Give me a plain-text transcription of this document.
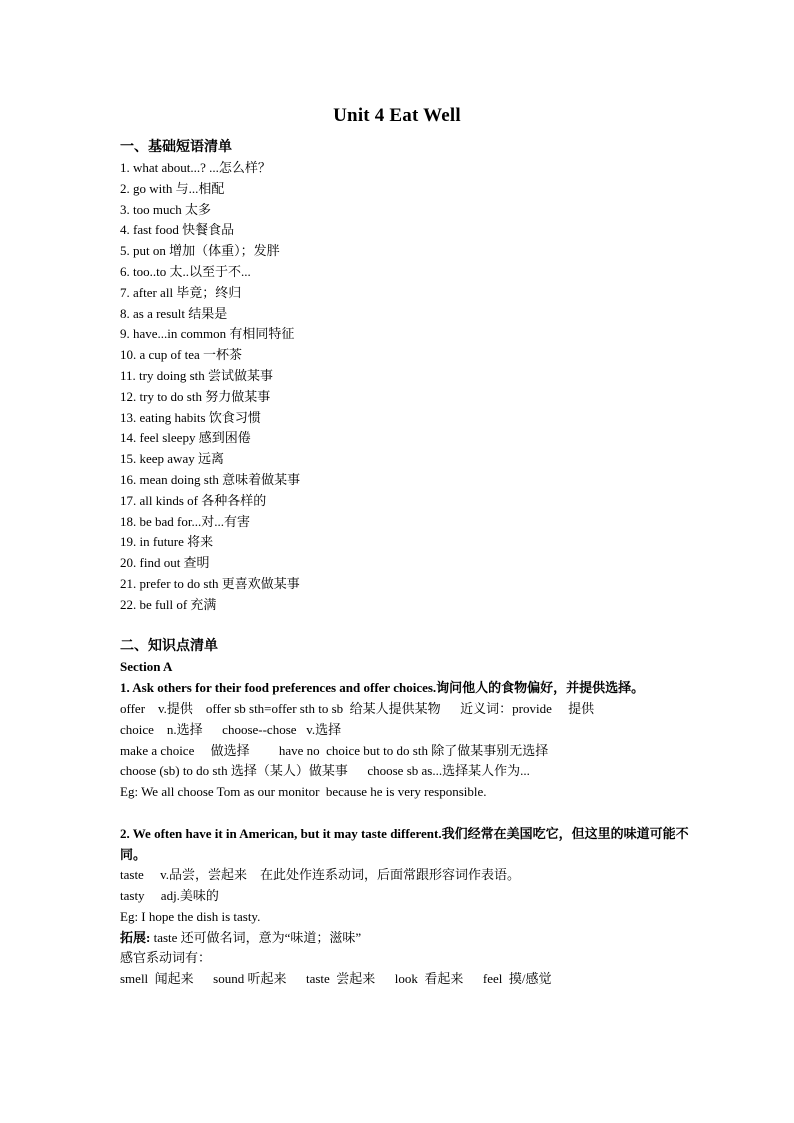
Unit 4 Eat Well
一、基础短语清单
1. what about...? ...怎么样？
2. go with 与...相配
3. too much 太多
4. fast food 快餐食品
5. put on 增加（体重）；发胖
6. too..to 太..以至于不...
7. after all 毕竟；终归
8. as a result 结果是
9. have...in common 有相同特征
10. a cup of tea 一杯茶
11. try doing sth 尝试做某事
12. try to do sth 努力做某事
13. eating habits 饮食习惯
14. feel sleepy 感到困倦
15. keep away 远离
16. mean doing sth 意味着做某事
17. all kinds of 各种各样的
18. be bad for...对...有害
19. in future 将来
20. find out 查明
21. prefer to do sth 更喜欢做某事
22. be full of 充满
二、知识点清单
Section A
1. Ask others for their food preferences and offer choices.询问他人的食物偏好，并提供选择。
offer    v.提供    offer sb sth=offer sth to sb  给某人提供某物      近义词：provide     提供
choice    n.选择      choose--chose   v.选择
make a choice     做选择         have no  choice but to do sth 除了做某事别无选择
choose (sb) to do sth 选择（某人）做某事      choose sb as...选择某人作为...
Eg: We all choose Tom as our monitor  because he is very responsible.
2. We often have it in American, but it may taste different.我们经常在美国吃它，但这里的味道可能不同。
taste     v.品尝，尝起来    在此处作连系动词，后面常跟形容词作表语。
tasty     adj.美味的
Eg: I hope the dish is tasty.
拓展: taste 还可做名词，意为“味道；滋味”
感官系动词有：
smell  闻起来      sound 听起来      taste  尝起来      look  看起来      feel  摸/感觉
